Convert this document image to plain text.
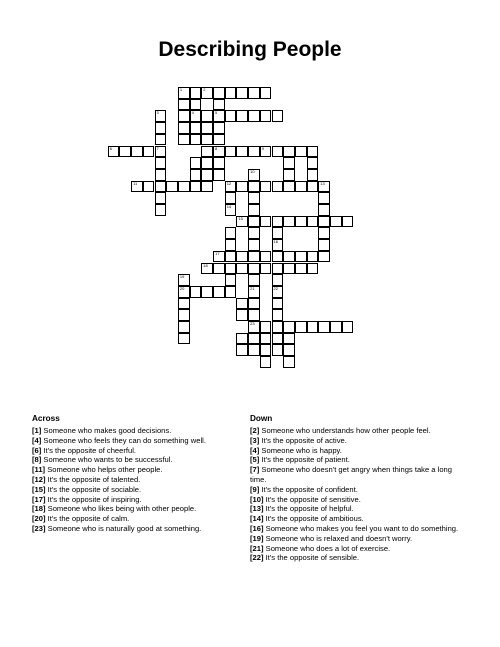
Describing People
1	2
3	4	5
6	7	8	9
11	12	13
15
17
18
20
23
14
10
22
21
16
19
Across
[1] Someone who makes good decisions.
[4] Someone who feels they can do something well.
[6] It's the opposite of cheerful.
[8] Someone who wants to be successful.
[11] Someone who helps other people.
[12] It's the opposite of talented.
[15] It's the opposite of sociable.
[17] It's the opposite of inspiring.
[18] Someone who likes being with other people.
[20] It's the opposite of calm.
[23] Someone who is naturally good at something.
Down
[2] Someone who understands how other people feel.
[3] It's the opposite of active.
[4] Someone who is happy.
[5] It's the opposite of patient.
[7] Someone who doesn't get angry when things take a long time.
[9] It's the opposite of confident.
[10] It's the opposite of sensitive.
[13] It's the opposite of helpful.
[14] It's the opposite of ambitious.
[16] Someone who makes you feel you want to do something.
[19] Someone who is relaxed and doesn't worry.
[21] Someone who does a lot of exercise.
[22] It's the opposite of sensible.
